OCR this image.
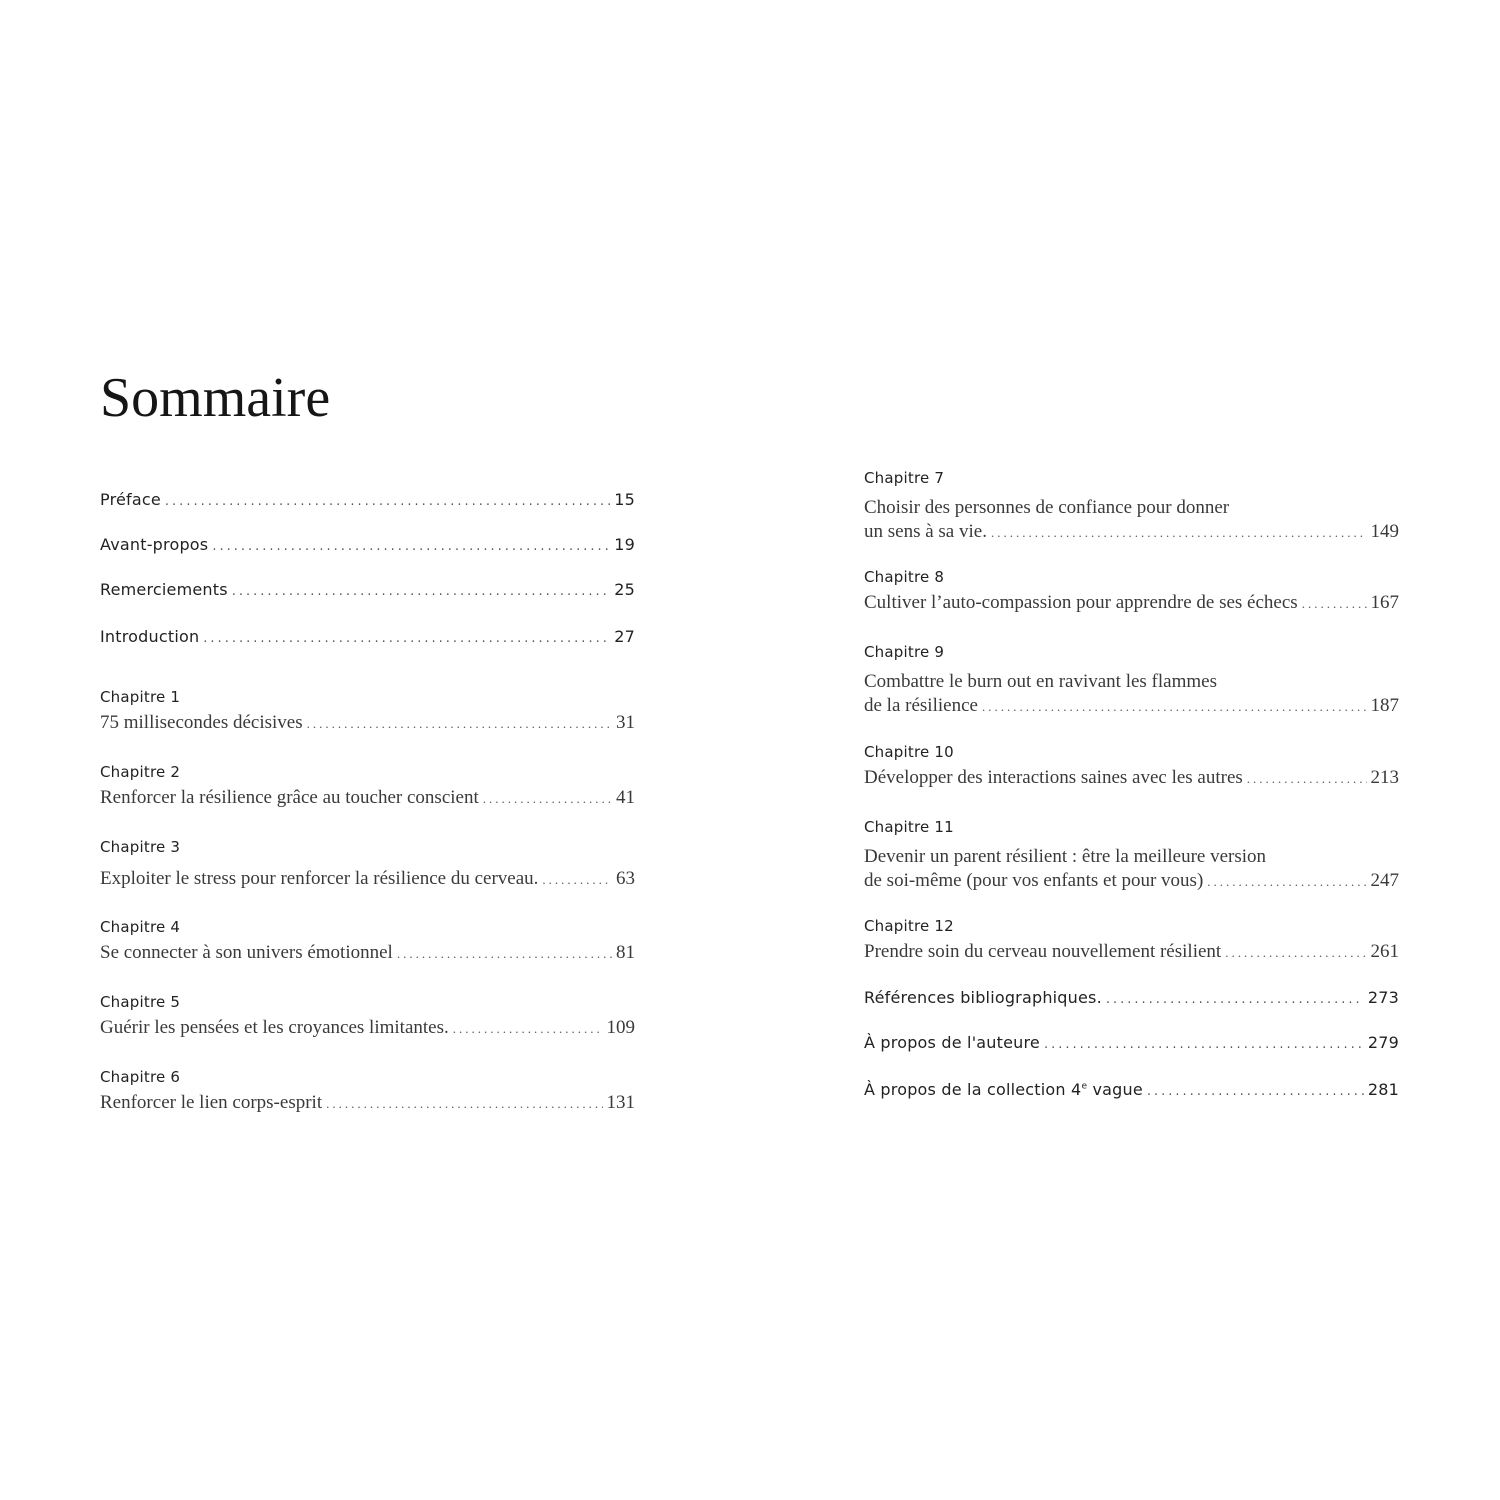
Sommaire
Préface .....	15
Avant-propos .....	19
Remerciements .....	25
Introduction .....	27
Chapitre 1
75 millisecondes décisives .....	31
Chapitre 2
Renforcer la résilience grâce au toucher conscient .....	41
Chapitre 3
Exploiter le stress pour renforcer la résilience du cerveau. .....	63
Chapitre 4
Se connecter à son univers émotionnel .....	81
Chapitre 5
Guérir les pensées et les croyances limitantes. .....	109
Chapitre 6
Renforcer le lien corps-esprit .....	131
Chapitre 7
Choisir des personnes de confiance pour donner
un sens à sa vie. .....	149
Chapitre 8
Cultiver l’auto-compassion pour apprendre de ses échecs .....	167
Chapitre 9
Combattre le burn out en ravivant les flammes
de la résilience .....	187
Chapitre 10
Développer des interactions saines avec les autres .....	213
Chapitre 11
Devenir un parent résilient : être la meilleure version
de soi-même (pour vos enfants et pour vous) .....	247
Chapitre 12
Prendre soin du cerveau nouvellement résilient .....	261
Références bibliographiques. .....	273
À propos de l'auteure .....	279
À propos de la collection 4e vague .....	281
